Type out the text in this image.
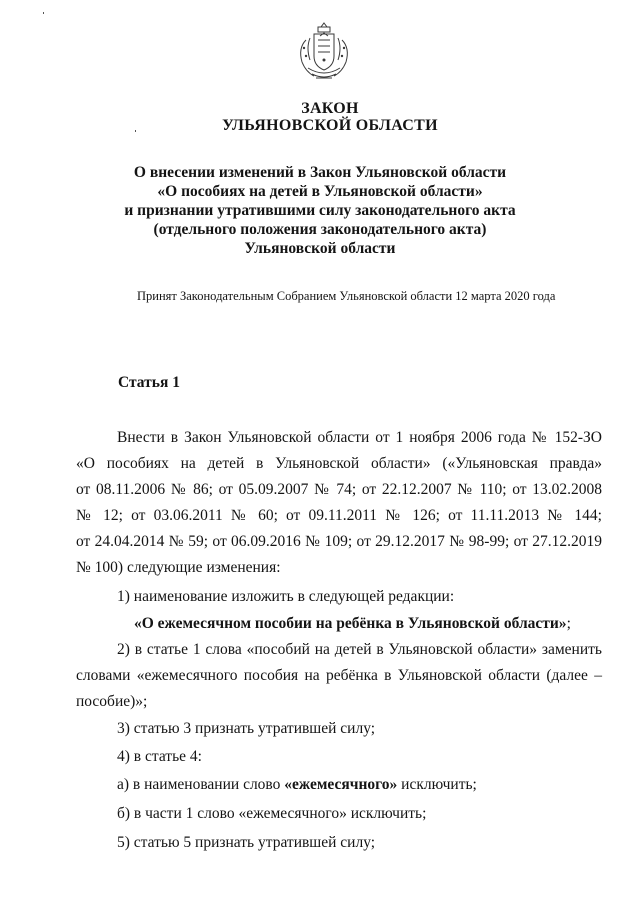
ЗАКОН
УЛЬЯНОВСКОЙ ОБЛАСТИ
О внесении изменений в Закон Ульяновской области
«О пособиях на детей в Ульяновской области»
и признании утратившими силу законодательного акта
(отдельного положения законодательного акта)
Ульяновской области
Принят Законодательным Собранием Ульяновской области 12 марта 2020 года
Статья 1
Внести в Закон Ульяновской области от 1 ноября 2006 года № 152-ЗО
«О пособиях на детей в Ульяновской области» («Ульяновская правда»
от 08.11.2006 № 86; от 05.09.2007 № 74; от 22.12.2007 № 110; от 13.02.2008
№ 12; от 03.06.2011 № 60; от 09.11.2011 № 126; от 11.11.2013 № 144;
от 24.04.2014 № 59; от 06.09.2016 № 109; от 29.12.2017 № 98-99; от 27.12.2019
№ 100) следующие изменения:
1) наименование изложить в следующей редакции:
«О ежемесячном пособии на ребёнка в Ульяновской области»;
2) в статье 1 слова «пособий на детей в Ульяновской области» заменить
словами «ежемесячного пособия на ребёнка в Ульяновской области (далее –
пособие)»;
3) статью 3 признать утратившей силу;
4) в статье 4:
а) в наименовании слово «ежемесячного» исключить;
б) в части 1 слово «ежемесячного» исключить;
5) статью 5 признать утратившей силу;
